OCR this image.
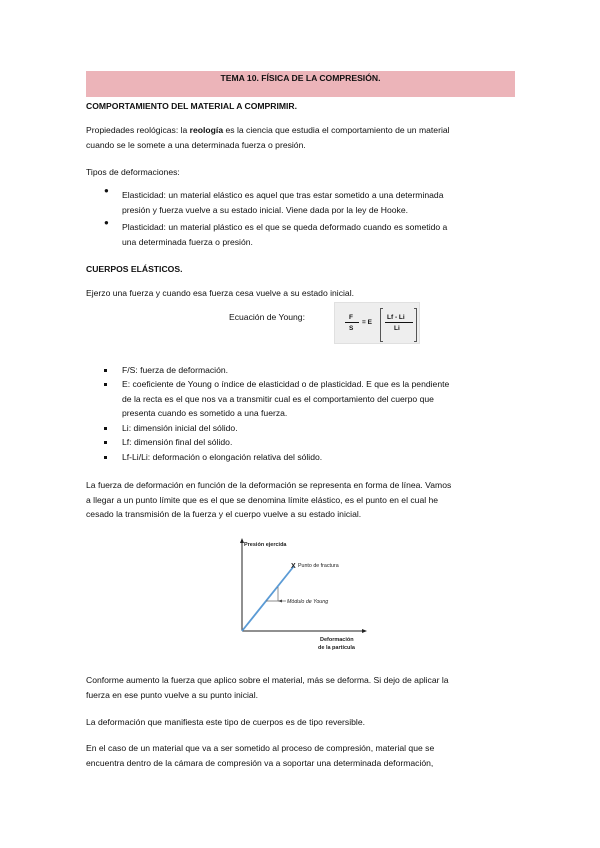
TEMA 10. FÍSICA DE LA COMPRESIÓN.
COMPORTAMIENTO DEL MATERIAL A COMPRIMIR.
Propiedades reológicas: la reología es la ciencia que estudia el comportamiento de un material
cuando se le somete a una determinada fuerza o presión.
Tipos de deformaciones:
● Elasticidad: un material elástico es aquel que tras estar sometido a una determinada
presión y fuerza vuelve a su estado inicial. Viene dada por la ley de Hooke.
● Plasticidad: un material plástico es el que se queda deformado cuando es sometido a
una determinada fuerza o presión.
CUERPOS ELÁSTICOS.
Ejerzo una fuerza y cuando esa fuerza cesa vuelve a su estado inicial.
Ecuación de Young:	F
S
= E
Lf - Li
Li
F/S: fuerza de deformación.
E: coeficiente de Young o índice de elasticidad o de plasticidad. E que es la pendiente
de la recta es el que nos va a transmitir cual es el comportamiento del cuerpo que
presenta cuando es sometido a una fuerza.
Li: dimensión inicial del sólido.
Lf: dimensión final del sólido.
Lf-Li/Li: deformación o elongación relativa del sólido.
La fuerza de deformación en función de la deformación se representa en forma de línea. Vamos
a llegar a un punto límite que es el que se denomina límite elástico, es el punto en el cual he
cesado la transmisión de la fuerza y el cuerpo vuelve a su estado inicial.
Presión ejercida
Módulo de Young
X Punto de fractura
Deformación
de la partícula
Conforme aumento la fuerza que aplico sobre el material, más se deforma. Si dejo de aplicar la
fuerza en ese punto vuelve a su punto inicial.
La deformación que manifiesta este tipo de cuerpos es de tipo reversible.
En el caso de un material que va a ser sometido al proceso de compresión, material que se
encuentra dentro de la cámara de compresión va a soportar una determinada deformación,
